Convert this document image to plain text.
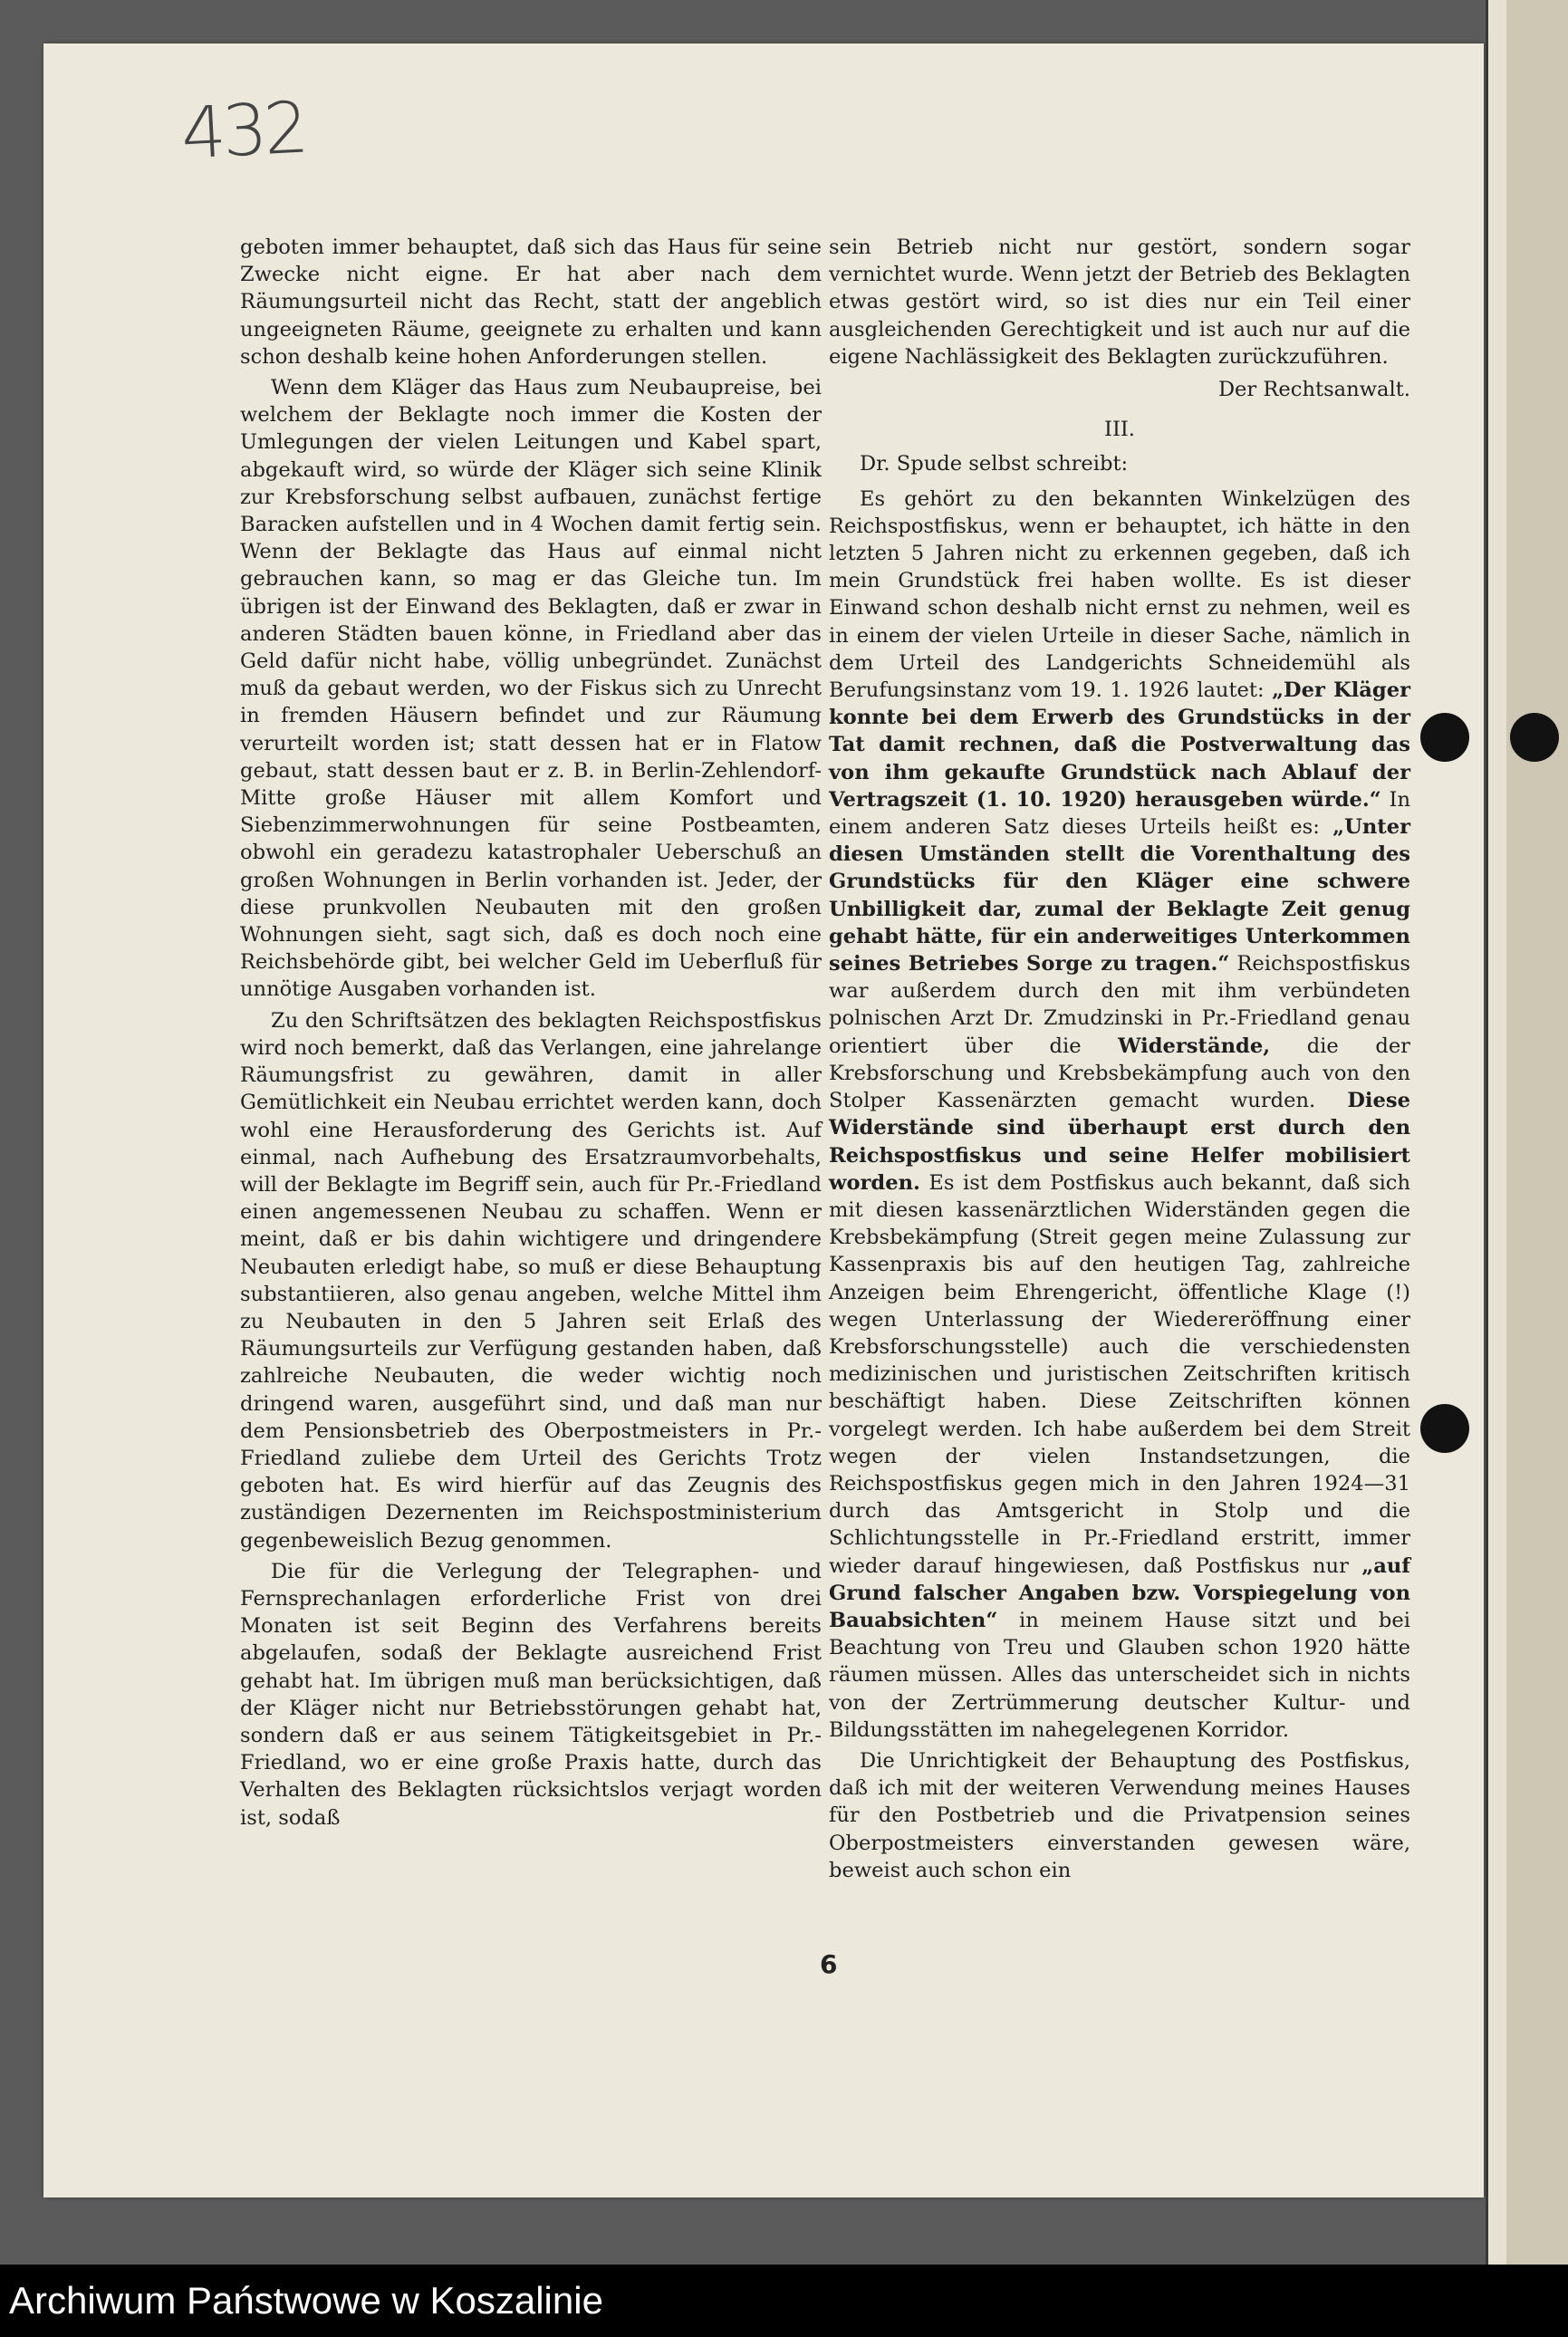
432

geboten immer behauptet, daß sich das Haus für seine Zwecke nicht eigne. Er hat aber nach dem Räumungsurteil nicht das Recht, statt der angeblich ungeeigneten Räume, geeignete zu erhalten und kann schon deshalb keine hohen Anforderungen stellen.

Wenn dem Kläger das Haus zum Neubaupreise, bei welchem der Beklagte noch immer die Kosten der Umlegungen der vielen Leitungen und Kabel spart, abgekauft wird, so würde der Kläger sich seine Klinik zur Krebsforschung selbst aufbauen, zunächst fertige Baracken aufstellen und in 4 Wochen damit fertig sein. Wenn der Beklagte das Haus auf einmal nicht gebrauchen kann, so mag er das Gleiche tun. Im übrigen ist der Einwand des Beklagten, daß er zwar in anderen Städten bauen könne, in Friedland aber das Geld dafür nicht habe, völlig unbegründet. Zunächst muß da gebaut werden, wo der Fiskus sich zu Unrecht in fremden Häusern befindet und zur Räumung verurteilt worden ist; statt dessen hat er in Flatow gebaut, statt dessen baut er z. B. in Berlin-Zehlendorf-Mitte große Häuser mit allem Komfort und Siebenzimmerwohnungen für seine Postbeamten, obwohl ein geradezu katastrophaler Ueberschuß an großen Wohnungen in Berlin vorhanden ist. Jeder, der diese prunkvollen Neubauten mit den großen Wohnungen sieht, sagt sich, daß es doch noch eine Reichsbehörde gibt, bei welcher Geld im Ueberfluß für unnötige Ausgaben vorhanden ist.

Zu den Schriftsätzen des beklagten Reichspostfiskus wird noch bemerkt, daß das Verlangen, eine jahrelange Räumungsfrist zu gewähren, damit in aller Gemütlichkeit ein Neubau errichtet werden kann, doch wohl eine Herausforderung des Gerichts ist. Auf einmal, nach Aufhebung des Ersatzraumvorbehalts, will der Beklagte im Begriff sein, auch für Pr.-Friedland einen angemessenen Neubau zu schaffen. Wenn er meint, daß er bis dahin wichtigere und dringendere Neubauten erledigt habe, so muß er diese Behauptung substantiieren, also genau angeben, welche Mittel ihm zu Neubauten in den 5 Jahren seit Erlaß des Räumungsurteils zur Verfügung gestanden haben, daß zahlreiche Neubauten, die weder wichtig noch dringend waren, ausgeführt sind, und daß man nur dem Pensionsbetrieb des Oberpostmeisters in Pr.-Friedland zuliebe dem Urteil des Gerichts Trotz geboten hat. Es wird hierfür auf das Zeugnis des zuständigen Dezernenten im Reichspostministerium gegenbeweislich Bezug genommen.

Die für die Verlegung der Telegraphen- und Fernsprechanlagen erforderliche Frist von drei Monaten ist seit Beginn des Verfahrens bereits abgelaufen, sodaß der Beklagte ausreichend Frist gehabt hat. Im übrigen muß man berücksichtigen, daß der Kläger nicht nur Betriebsstörungen gehabt hat, sondern daß er aus seinem Tätigkeitsgebiet in Pr.-Friedland, wo er eine große Praxis hatte, durch das Verhalten des Beklagten rücksichtslos verjagt worden ist, sodaß

sein Betrieb nicht nur gestört, sondern sogar vernichtet wurde. Wenn jetzt der Betrieb des Beklagten etwas gestört wird, so ist dies nur ein Teil einer ausgleichenden Gerechtigkeit und ist auch nur auf die eigene Nachlässigkeit des Beklagten zurückzuführen.

Der Rechtsanwalt.

III.

Dr. Spude selbst schreibt:

Es gehört zu den bekannten Winkelzügen des Reichspostfiskus, wenn er behauptet, ich hätte in den letzten 5 Jahren nicht zu erkennen gegeben, daß ich mein Grundstück frei haben wollte. Es ist dieser Einwand schon deshalb nicht ernst zu nehmen, weil es in einem der vielen Urteile in dieser Sache, nämlich in dem Urteil des Landgerichts Schneidemühl als Berufungsinstanz vom 19. 1. 1926 lautet: „Der Kläger konnte bei dem Erwerb des Grundstücks in der Tat damit rechnen, daß die Postverwaltung das von ihm gekaufte Grundstück nach Ablauf der Vertragszeit (1. 10. 1920) herausgeben würde.“ In einem anderen Satz dieses Urteils heißt es: „Unter diesen Umständen stellt die Vorenthaltung des Grundstücks für den Kläger eine schwere Unbilligkeit dar, zumal der Beklagte Zeit genug gehabt hätte, für ein anderweitiges Unterkommen seines Betriebes Sorge zu tragen.“ Reichspostfiskus war außerdem durch den mit ihm verbündeten polnischen Arzt Dr. Zmudzinski in Pr.-Friedland genau orientiert über die Widerstände, die der Krebsforschung und Krebsbekämpfung auch von den Stolper Kassenärzten gemacht wurden. Diese Widerstände sind überhaupt erst durch den Reichspostfiskus und seine Helfer mobilisiert worden. Es ist dem Postfiskus auch bekannt, daß sich mit diesen kassenärztlichen Widerständen gegen die Krebsbekämpfung (Streit gegen meine Zulassung zur Kassenpraxis bis auf den heutigen Tag, zahlreiche Anzeigen beim Ehrengericht, öffentliche Klage (!) wegen Unterlassung der Wiedereröffnung einer Krebsforschungsstelle) auch die verschiedensten medizinischen und juristischen Zeitschriften kritisch beschäftigt haben. Diese Zeitschriften können vorgelegt werden. Ich habe außerdem bei dem Streit wegen der vielen Instandsetzungen, die Reichspostfiskus gegen mich in den Jahren 1924—31 durch das Amtsgericht in Stolp und die Schlichtungsstelle in Pr.-Friedland erstritt, immer wieder darauf hingewiesen, daß Postfiskus nur „auf Grund falscher Angaben bzw. Vorspiegelung von Bauabsichten“ in meinem Hause sitzt und bei Beachtung von Treu und Glauben schon 1920 hätte räumen müssen. Alles das unterscheidet sich in nichts von der Zertrümmerung deutscher Kultur- und Bildungsstätten im nahegelegenen Korridor.

Die Unrichtigkeit der Behauptung des Postfiskus, daß ich mit der weiteren Verwendung meines Hauses für den Postbetrieb und die Privatpension seines Oberpostmeisters einverstanden gewesen wäre, beweist auch schon ein

6
Archiwum Państwowe w Koszalinie
